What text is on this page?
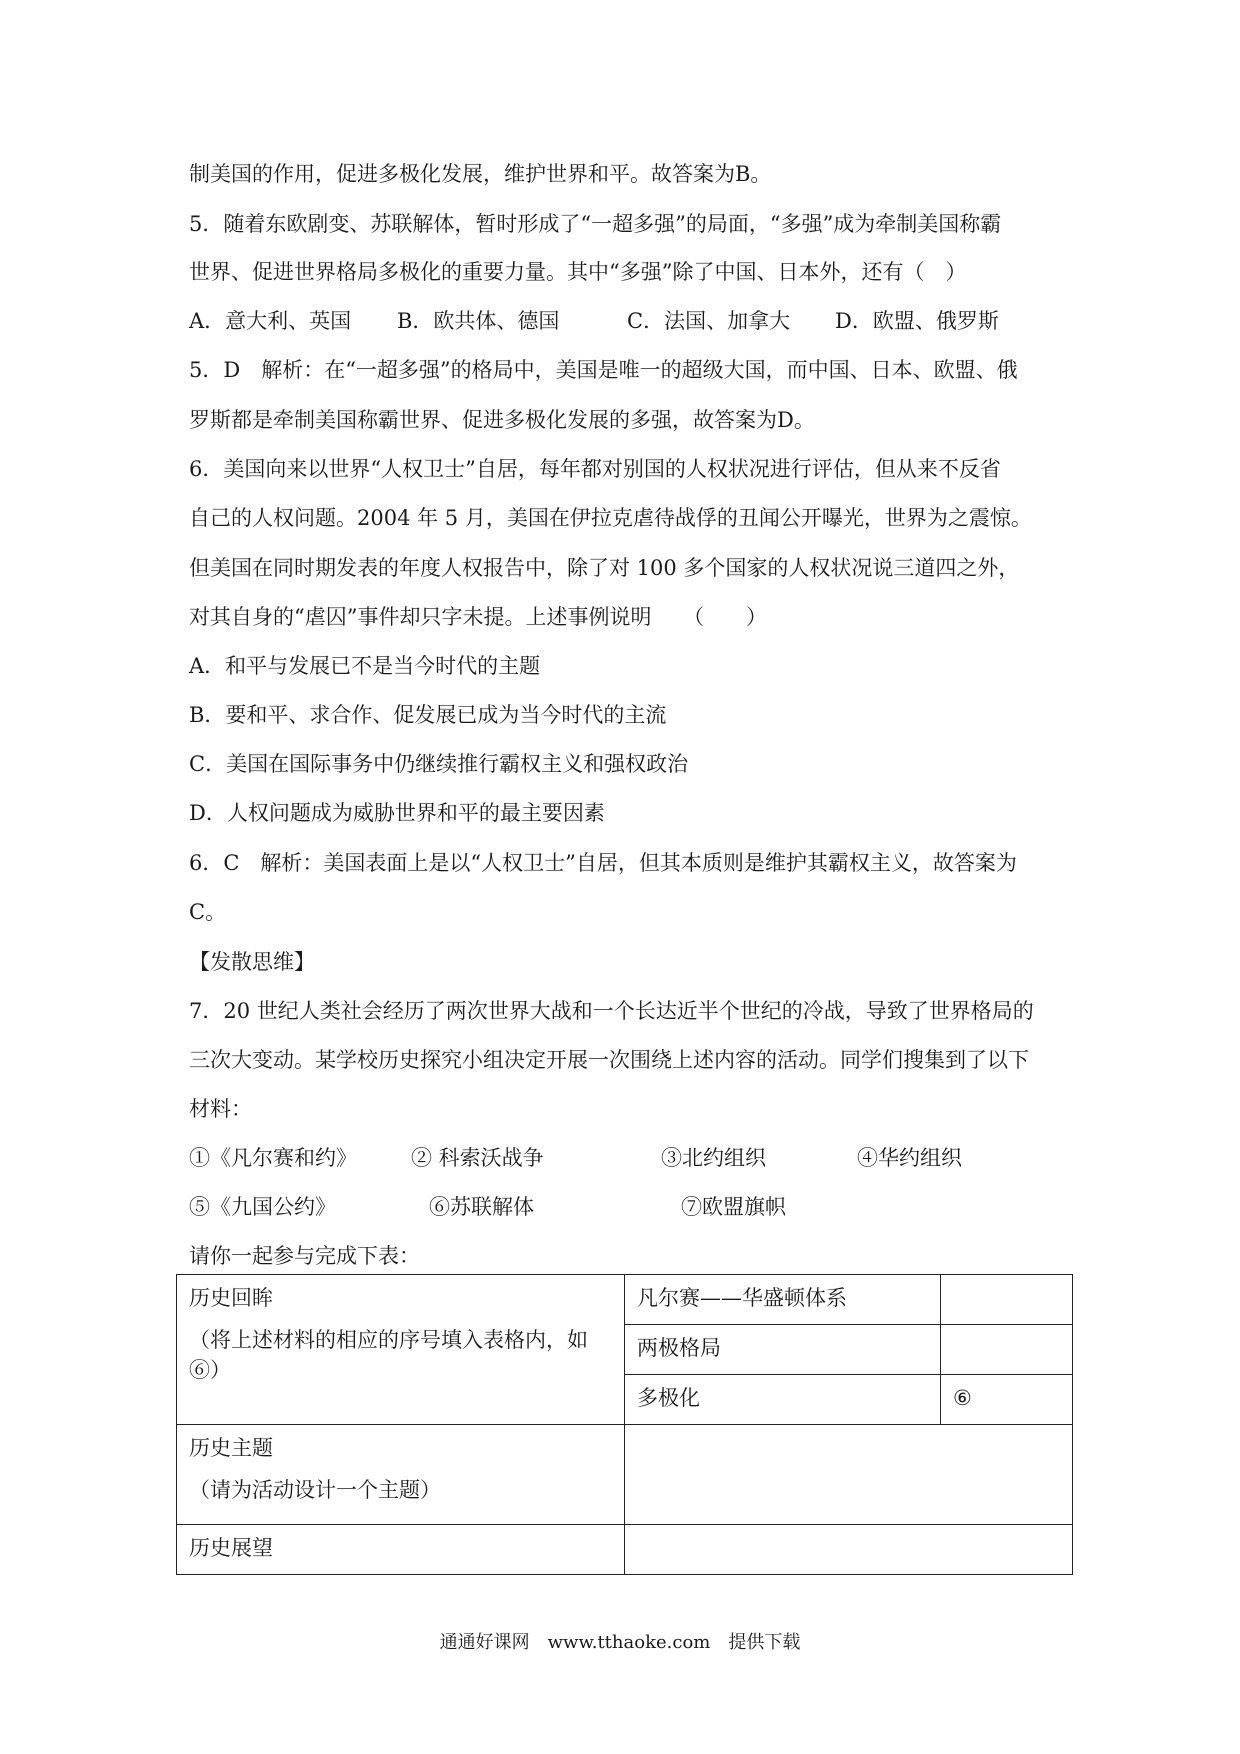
制美国的作用，促进多极化发展，维护世界和平。故答案为B。
5．随着东欧剧变、苏联解体，暂时形成了“一超多强”的局面，“多强”成为牵制美国称霸
世界、促进世界格局多极化的重要力量。其中“多强”除了中国、日本外，还有（　）
A．意大利、英国 B．欧共体、德国	C．法国、加拿大 D．欧盟、俄罗斯
5．D　解析：在“一超多强”的格局中，美国是唯一的超级大国，而中国、日本、欧盟、俄
罗斯都是牵制美国称霸世界、促进多极化发展的多强，故答案为D。
6．美国向来以世界“人权卫士”自居，每年都对别国的人权状况进行评估，但从来不反省
自己的人权问题。2004 年 5 月，美国在伊拉克虐待战俘的丑闻公开曝光，世界为之震惊。
但美国在同时期发表的年度人权报告中，除了对 100 多个国家的人权状况说三道四之外，
对其自身的“虐囚”事件却只字未提。上述事例说明　　（　　）
A．和平与发展已不是当今时代的主题
B．要和平、求合作、促发展已成为当今时代的主流
C．美国在国际事务中仍继续推行霸权主义和强权政治
D．人权问题成为威胁世界和平的最主要因素
6．C　解析：美国表面上是以“人权卫士”自居，但其本质则是维护其霸权主义，故答案为
C。
【发散思维】
7．20 世纪人类社会经历了两次世界大战和一个长达近半个世纪的冷战，导致了世界格局的
三次大变动。某学校历史探究小组决定开展一次围绕上述内容的活动。同学们搜集到了以下
材料：
①《凡尔赛和约》	② 科索沃战争	③北约组织	④华约组织
⑤《九国公约》	⑥苏联解体	⑦欧盟旗帜
请你一起参与完成下表：
历史回眸
（将上述材料的相应的序号填入表格内，如⑥）	凡尔赛——华盛顿体系	
	两极格局	
	多极化	⑥
历史主题
（请为活动设计一个主题）		

历史展望		
通通好课网　www.tthaoke.com　提供下载
